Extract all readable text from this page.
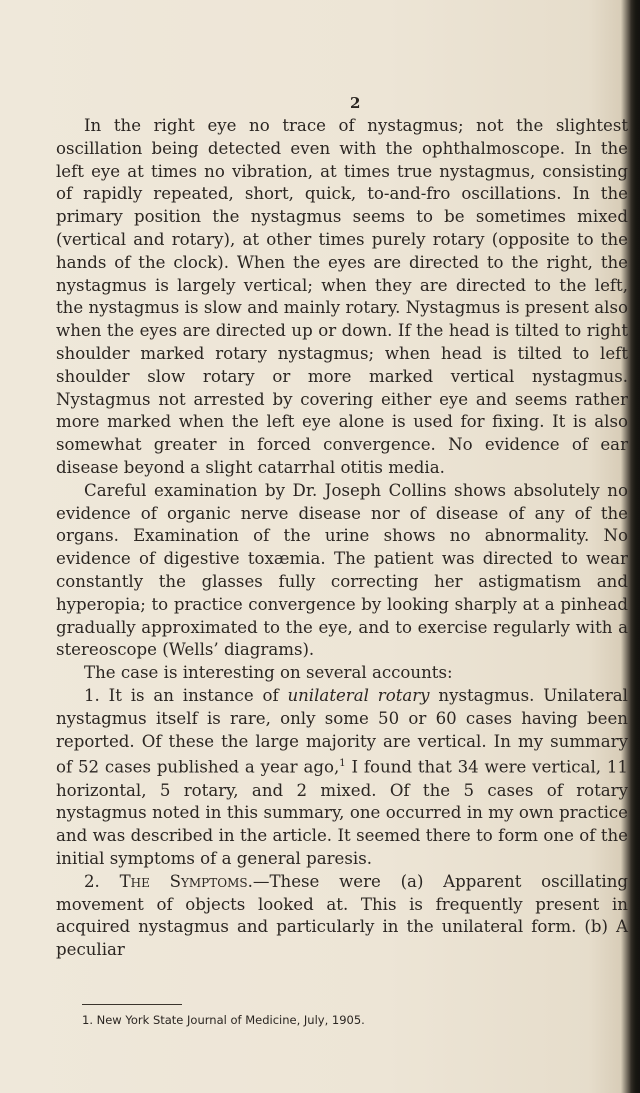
2

In the right eye no trace of nystagmus; not the slightest oscillation being detected even with the ophthalmoscope. In the left eye at times no vibration, at times true nystagmus, consisting of rapidly repeated, short, quick, to-and-fro oscillations. In the primary position the nystagmus seems to be sometimes mixed (vertical and rotary), at other times purely rotary (opposite to the hands of the clock). When the eyes are directed to the right, the nystagmus is largely vertical; when they are directed to the left, the nystagmus is slow and mainly rotary. Nystagmus is present also when the eyes are directed up or down. If the head is tilted to right shoulder marked rotary nystagmus; when head is tilted to left shoulder slow rotary or more marked vertical nystagmus. Nystagmus not arrested by covering either eye and seems rather more marked when the left eye alone is used for fixing. It is also somewhat greater in forced convergence. No evidence of ear disease beyond a slight catarrhal otitis media.

Careful examination by Dr. Joseph Collins shows absolutely no evidence of organic nerve disease nor of disease of any of the organs. Examination of the urine shows no abnormality. No evidence of digestive toxæmia. The patient was directed to wear constantly the glasses fully correcting her astigmatism and hyperopia; to practice convergence by looking sharply at a pinhead gradually approximated to the eye, and to exercise regularly with a stereoscope (Wells’ diagrams).

The case is interesting on several accounts:

1. It is an instance of unilateral rotary nystagmus. Unilateral nystagmus itself is rare, only some 50 or 60 cases having been reported. Of these the large majority are vertical. In my summary of 52 cases published a year ago,$^1$ I found that 34 were vertical, 11 horizontal, 5 rotary, and 2 mixed. Of the 5 cases of rotary nystagmus noted in this summary, one occurred in my own practice and was described in the article. It seemed there to form one of the initial symptoms of a general paresis.

2. The Symptoms.—These were (a) Apparent oscillating movement of objects looked at. This is frequently present in acquired nystagmus and particularly in the unilateral form. (b) A peculiar

1. New York State Journal of Medicine, July, 1905.
